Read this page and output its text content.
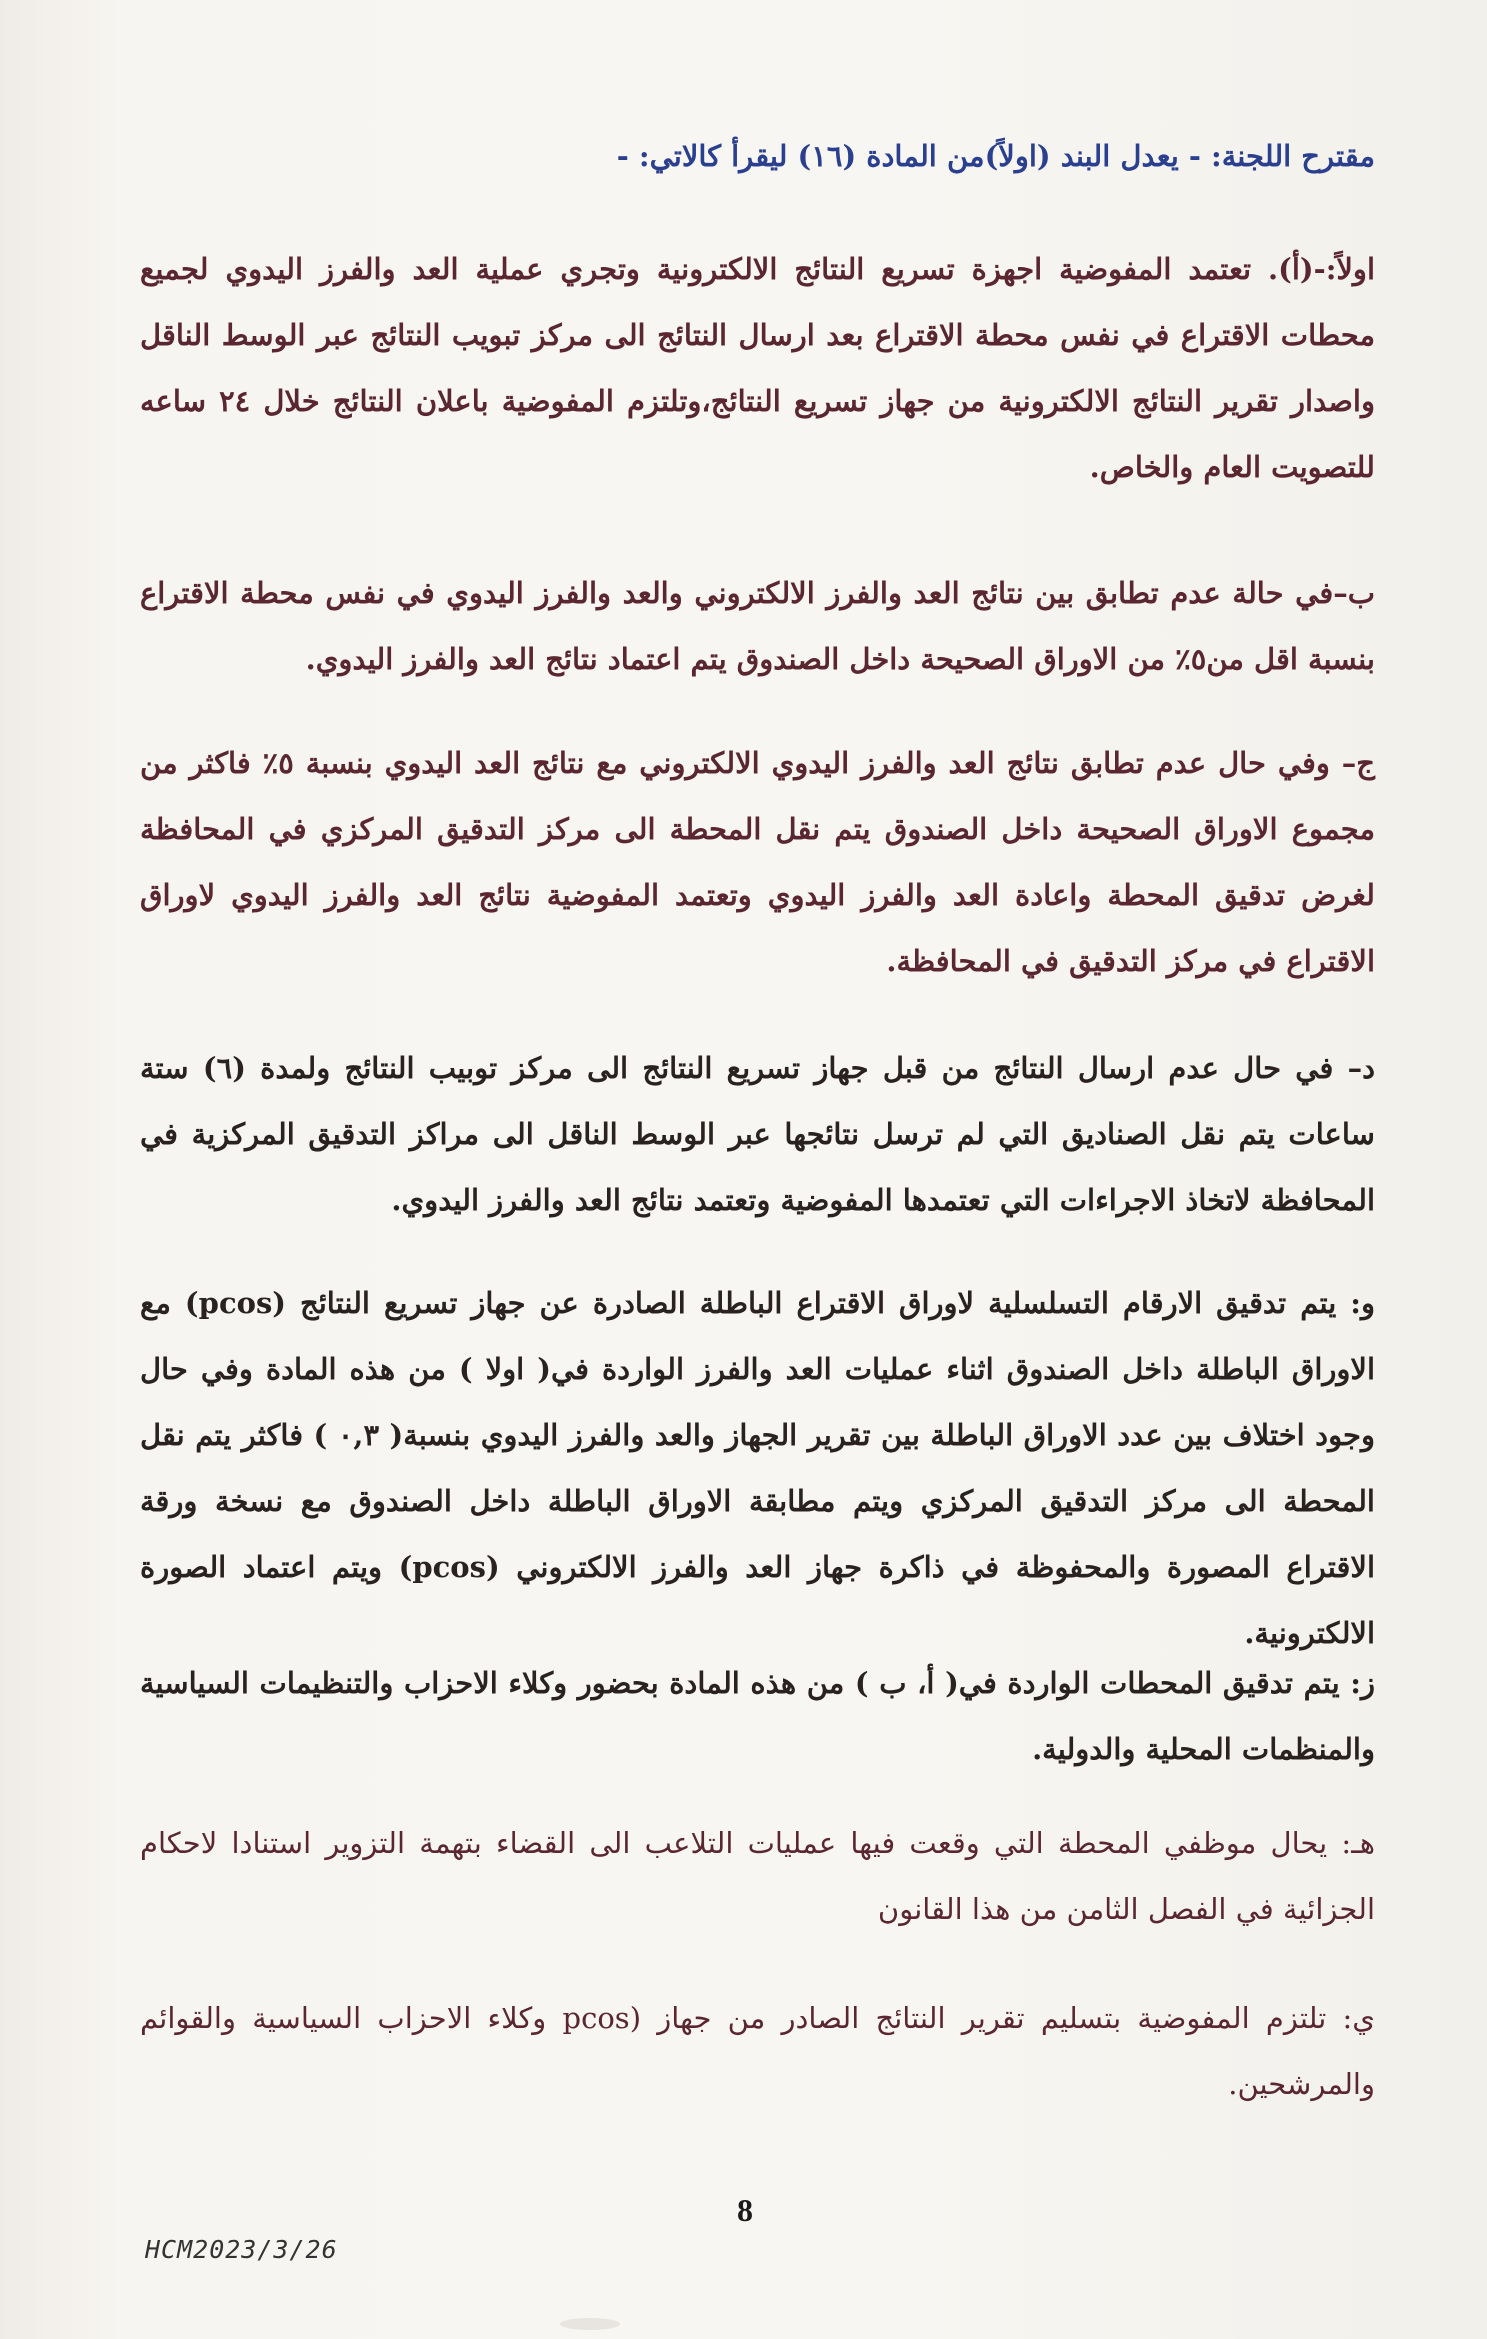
مقترح اللجنة: - يعدل البند (اولاً)من المادة (١٦) ليقرأ كالاتي: -
اولاً:-(أ). تعتمد المفوضية اجهزة تسريع النتائج الالكترونية وتجري عملية العد والفرز اليدوي لجميع محطات الاقتراع في نفس محطة الاقتراع بعد ارسال النتائج الى مركز تبويب النتائج عبر الوسط الناقل واصدار تقرير النتائج الالكترونية من جهاز تسريع النتائج،وتلتزم المفوضية باعلان النتائج خلال ٢٤ ساعه للتصويت العام والخاص.
ب–في حالة عدم تطابق بين نتائج العد والفرز الالكتروني والعد والفرز اليدوي في نفس محطة الاقتراع بنسبة اقل من٥٪ من الاوراق الصحيحة داخل الصندوق يتم اعتماد نتائج العد والفرز اليدوي.
ج– وفي حال عدم تطابق نتائج العد والفرز اليدوي الالكتروني مع نتائج العد اليدوي بنسبة ٥٪ فاكثر من مجموع الاوراق الصحيحة داخل الصندوق يتم نقل المحطة الى مركز التدقيق المركزي في المحافظة لغرض تدقيق المحطة واعادة العد والفرز اليدوي وتعتمد المفوضية نتائج العد والفرز اليدوي لاوراق الاقتراع في مركز التدقيق في المحافظة.
د– في حال عدم ارسال النتائج من قبل جهاز تسريع النتائج الى مركز توبيب النتائج ولمدة (٦) ستة ساعات يتم نقل الصناديق التي لم ترسل نتائجها عبر الوسط الناقل الى مراكز التدقيق المركزية في المحافظة لاتخاذ الاجراءات التي تعتمدها المفوضية وتعتمد نتائج العد والفرز اليدوي.
و: يتم تدقيق الارقام التسلسلية لاوراق الاقتراع الباطلة الصادرة عن جهاز تسريع النتائج (pcos) مع الاوراق الباطلة داخل الصندوق اثناء عمليات العد والفرز الواردة في( اولا ) من هذه المادة وفي حال وجود اختلاف بين عدد الاوراق الباطلة بين تقرير الجهاز والعد والفرز اليدوي بنسبة( ٠,٣ ) فاكثر يتم نقل المحطة الى مركز التدقيق المركزي ويتم مطابقة الاوراق الباطلة داخل الصندوق مع نسخة ورقة الاقتراع المصورة والمحفوظة في ذاكرة جهاز العد والفرز الالكتروني (pcos) ويتم اعتماد الصورة الالكترونية.
ز: يتم تدقيق المحطات الواردة في( أ، ب ) من هذه المادة بحضور وكلاء الاحزاب والتنظيمات السياسية والمنظمات المحلية والدولية.
هـ: يحال موظفي المحطة التي وقعت فيها عمليات التلاعب الى القضاء بتهمة التزوير استنادا لاحكام الجزائية في الفصل الثامن من هذا القانون
ي: تلتزم المفوضية بتسليم تقرير النتائج الصادر من جهاز (pcos وكلاء الاحزاب السياسية والقوائم والمرشحين.
8
HCM2023/3/26
